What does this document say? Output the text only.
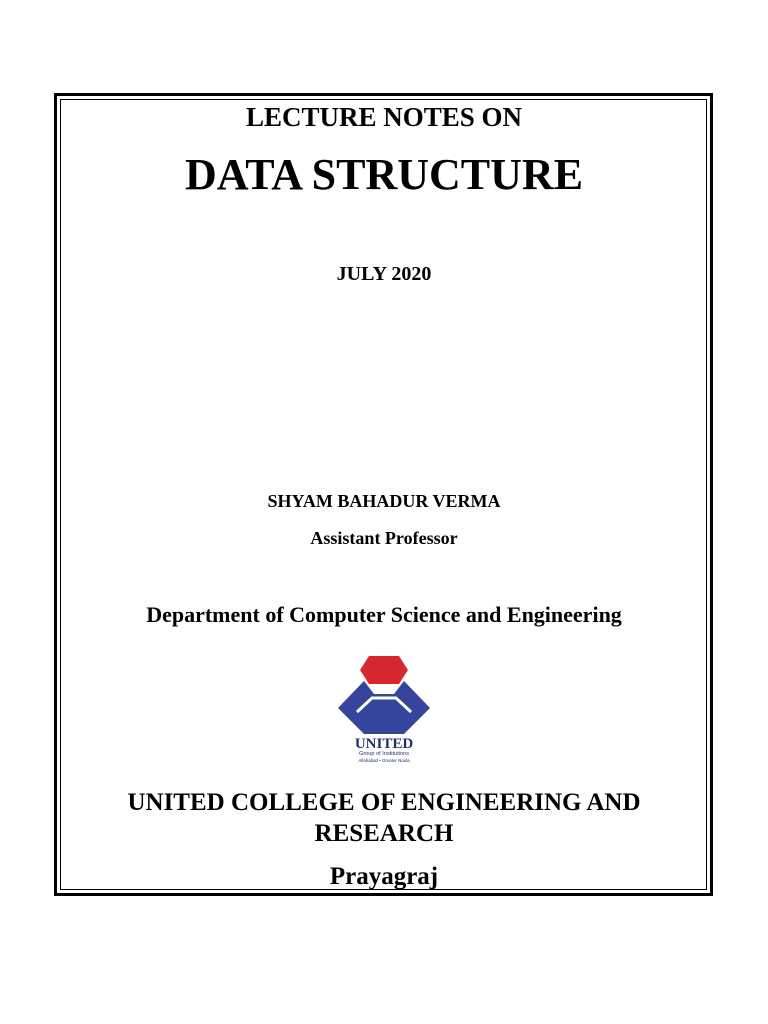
LECTURE NOTES ON
DATA STRUCTURE
JULY 2020
SHYAM BAHADUR VERMA
Assistant Professor
Department of Computer Science and Engineering
UNITED
Group of Institutions
Allahabad • Greater Noida
UNITED COLLEGE OF ENGINEERING AND
RESEARCH
Prayagraj
